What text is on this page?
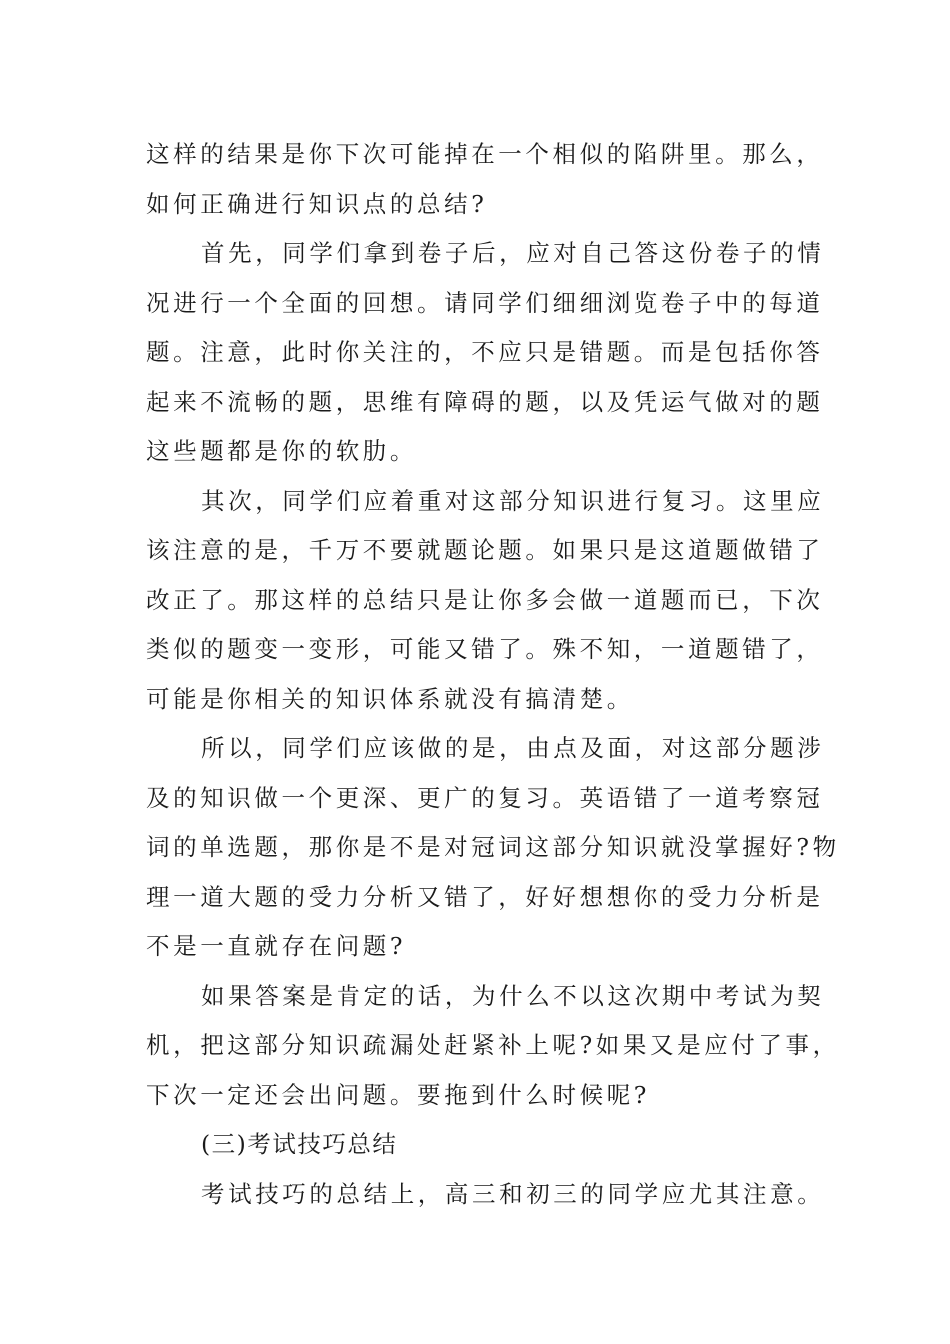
这样的结果是你下次可能掉在一个相似的陷阱里。那么，
如何正确进行知识点的总结?
首先，同学们拿到卷子后，应对自己答这份卷子的情
况进行一个全面的回想。请同学们细细浏览卷子中的每道
题。注意，此时你关注的，不应只是错题。而是包括你答
起来不流畅的题，思维有障碍的题，以及凭运气做对的题
这些题都是你的软肋。
其次，同学们应着重对这部分知识进行复习。这里应
该注意的是，千万不要就题论题。如果只是这道题做错了
改正了。那这样的总结只是让你多会做一道题而已，下次
类似的题变一变形，可能又错了。殊不知，一道题错了，
可能是你相关的知识体系就没有搞清楚。
所以，同学们应该做的是，由点及面，对这部分题涉
及的知识做一个更深、更广的复习。英语错了一道考察冠
词的单选题，那你是不是对冠词这部分知识就没掌握好?物
理一道大题的受力分析又错了，好好想想你的受力分析是
不是一直就存在问题?
如果答案是肯定的话，为什么不以这次期中考试为契
机，把这部分知识疏漏处赶紧补上呢?如果又是应付了事，
下次一定还会出问题。要拖到什么时候呢?
(三)考试技巧总结
考试技巧的总结上，高三和初三的同学应尤其注意。
